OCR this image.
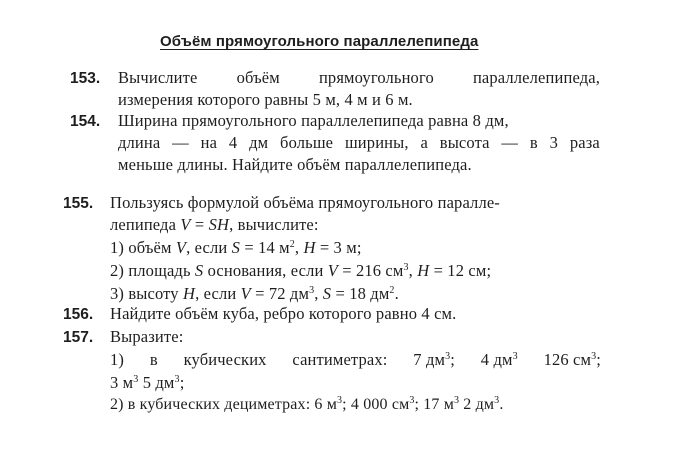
Объём прямоугольного параллелепипеда
153. Вычислите объём прямоугольного параллелепипеда,
измерения которого равны 5 м, 4 м и 6 м.
154. Ширина прямоугольного параллелепипеда равна 8 дм,
длина — на 4 дм больше ширины, а высота — в 3 раза
меньше длины. Найдите объём параллелепипеда.
155. Пользуясь формулой объёма прямоугольного паралле-
лепипеда V = SH, вычислите:
1) объём V, если S = 14 $м^2$, H = 3 м;
2) площадь S основания, если V = 216 $см^3$, H = 12 см;
3) высоту H, если V = 72 $дм^3$, S = 18 $дм^2$.
156. Найдите объём куба, ребро которого равно 4 см.
157. Выразите:
1) в кубических сантиметрах: 7 $дм^3$; 4 $дм^3$ 126 $см^3$;
3 $м^3$ 5 $дм^3$;
2) в кубических дециметрах: 6 $м^3$; 4 000 $см^3$; 17 $м^3$ 2 $дм^3$.
